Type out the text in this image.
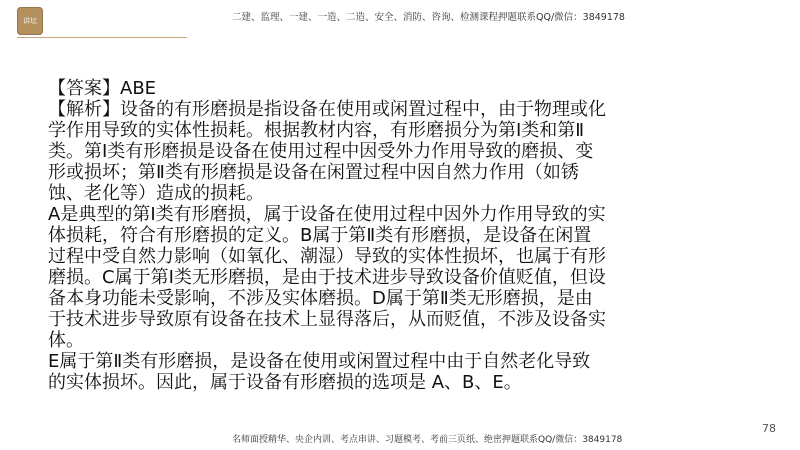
讲坛	二建、监理、一建、一造、二造、安全、消防、咨询、检测课程押题联系QQ/微信：3849178

【答案】ABE

【解析】设备的有形磨损是指设备在使用或闲置过程中，由于物理或化学作用导致的实体性损耗。根据教材内容，有形磨损分为第Ⅰ类和第Ⅱ类。第Ⅰ类有形磨损是设备在使用过程中因受外力作用导致的磨损、变形或损坏；第Ⅱ类有形磨损是设备在闲置过程中因自然力作用（如锈蚀、老化等）造成的损耗。

A是典型的第Ⅰ类有形磨损，属于设备在使用过程中因外力作用导致的实体损耗，符合有形磨损的定义。B属于第Ⅱ类有形磨损，是设备在闲置过程中受自然力影响（如氧化、潮湿）导致的实体性损坏，也属于有形磨损。C属于第Ⅰ类无形磨损，是由于技术进步导致设备价值贬值，但设备本身功能未受影响，不涉及实体磨损。D属于第Ⅱ类无形磨损，是由于技术进步导致原有设备在技术上显得落后，从而贬值，不涉及设备实体。

E属于第Ⅱ类有形磨损，是设备在使用或闲置过程中由于自然老化导致的实体损坏。因此，属于设备有形磨损的选项是 A、B、E。

78
名师面授精华、央企内训、考点串讲、习题模考、考前三页纸、绝密押题联系QQ/微信：3849178
